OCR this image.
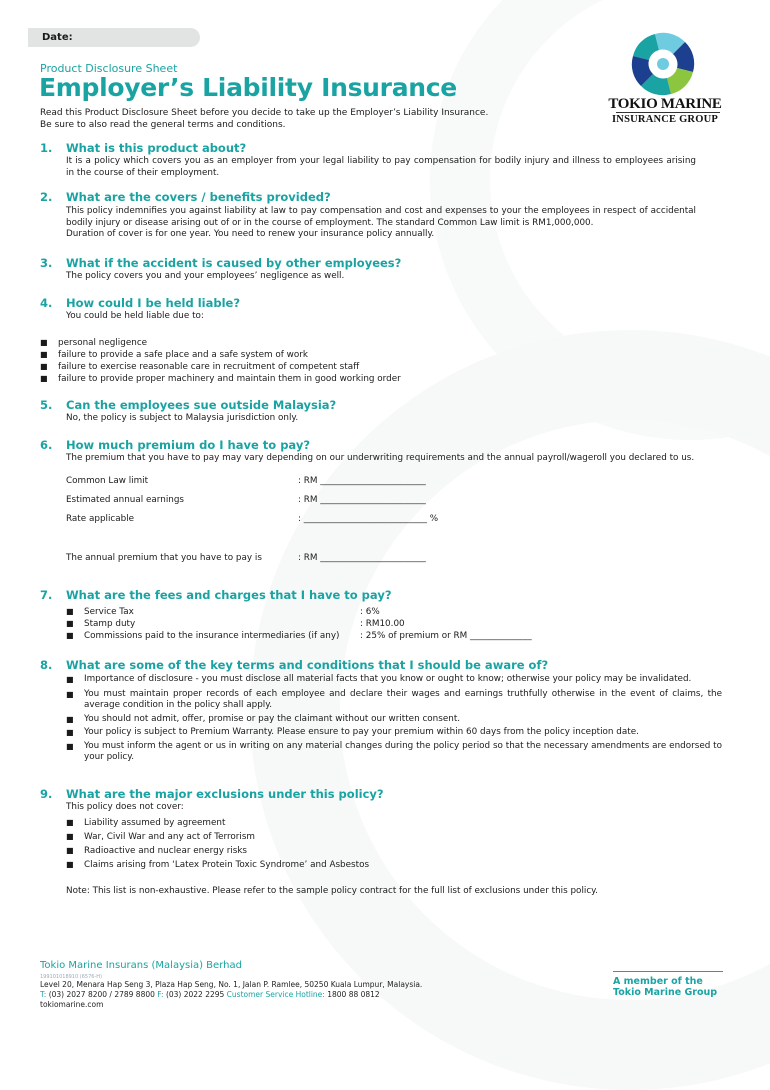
Date:
Product Disclosure Sheet
Employer’s Liability Insurance
Read this Product Disclosure Sheet before you decide to take up the Employer’s Liability Insurance.
Be sure to also read the general terms and conditions.
TOKIO MARINE
INSURANCE GROUP
1. What is this product about?
It is a policy which covers you as an employer from your legal liability to pay compensation for bodily injury and illness to employees arising in the course of their employment.
2. What are the covers / benefits provided?
This policy indemnifies you against liability at law to pay compensation and cost and expenses to your the employees in respect of accidental bodily injury or disease arising out of or in the course of employment. The standard Common Law limit is RM1,000,000.
Duration of cover is for one year. You need to renew your insurance policy annually.
3. What if the accident is caused by other employees?
The policy covers you and your employees’ negligence as well.
4. How could I be held liable?
You could be held liable due to:
■ personal negligence
■ failure to provide a safe place and a safe system of work
■ failure to exercise reasonable care in recruitment of competent staff
■ failure to provide proper machinery and maintain them in good working order
5. Can the employees sue outside Malaysia?
No, the policy is subject to Malaysia jurisdiction only.
6. How much premium do I have to pay?
The premium that you have to pay may vary depending on our underwriting requirements and the annual payroll/wageroll you declared to us.
Common Law limit	: RM ________________________
Estimated annual earnings	: RM ________________________
Rate applicable	: ____________________________ %
The annual premium that you have to pay is	: RM ________________________
7. What are the fees and charges that I have to pay?
■ Service Tax	: 6%
■ Stamp duty	: RM10.00
■ Commissions paid to the insurance intermediaries (if any) : 25% of premium or RM ______________
8. What are some of the key terms and conditions that I should be aware of?
■ Importance of disclosure - you must disclose all material facts that you know or ought to know; otherwise your policy may be invalidated.
■ You must maintain proper records of each employee and declare their wages and earnings truthfully otherwise in the event of claims, the average condition in the policy shall apply.
■ You should not admit, offer, promise or pay the claimant without our written consent.
■ Your policy is subject to Premium Warranty. Please ensure to pay your premium within 60 days from the policy inception date.
■ You must inform the agent or us in writing on any material changes during the policy period so that the necessary amendments are endorsed to your policy.
9. What are the major exclusions under this policy?
This policy does not cover:
■ Liability assumed by agreement
■ War, Civil War and any act of Terrorism
■ Radioactive and nuclear energy risks
■ Claims arising from ‘Latex Protein Toxic Syndrome’ and Asbestos
Note: This list is non-exhaustive. Please refer to the sample policy contract for the full list of exclusions under this policy.
Tokio Marine Insurans (Malaysia) Berhad
199101018910 (6576-H)
Level 20, Menara Hap Seng 3, Plaza Hap Seng, No. 1, Jalan P. Ramlee, 50250 Kuala Lumpur, Malaysia.
T: (03) 2027 8200 / 2789 8800 F: (03) 2022 2295 Customer Service Hotline: 1800 88 0812
tokiomarine.com
A member of the
Tokio Marine Group
